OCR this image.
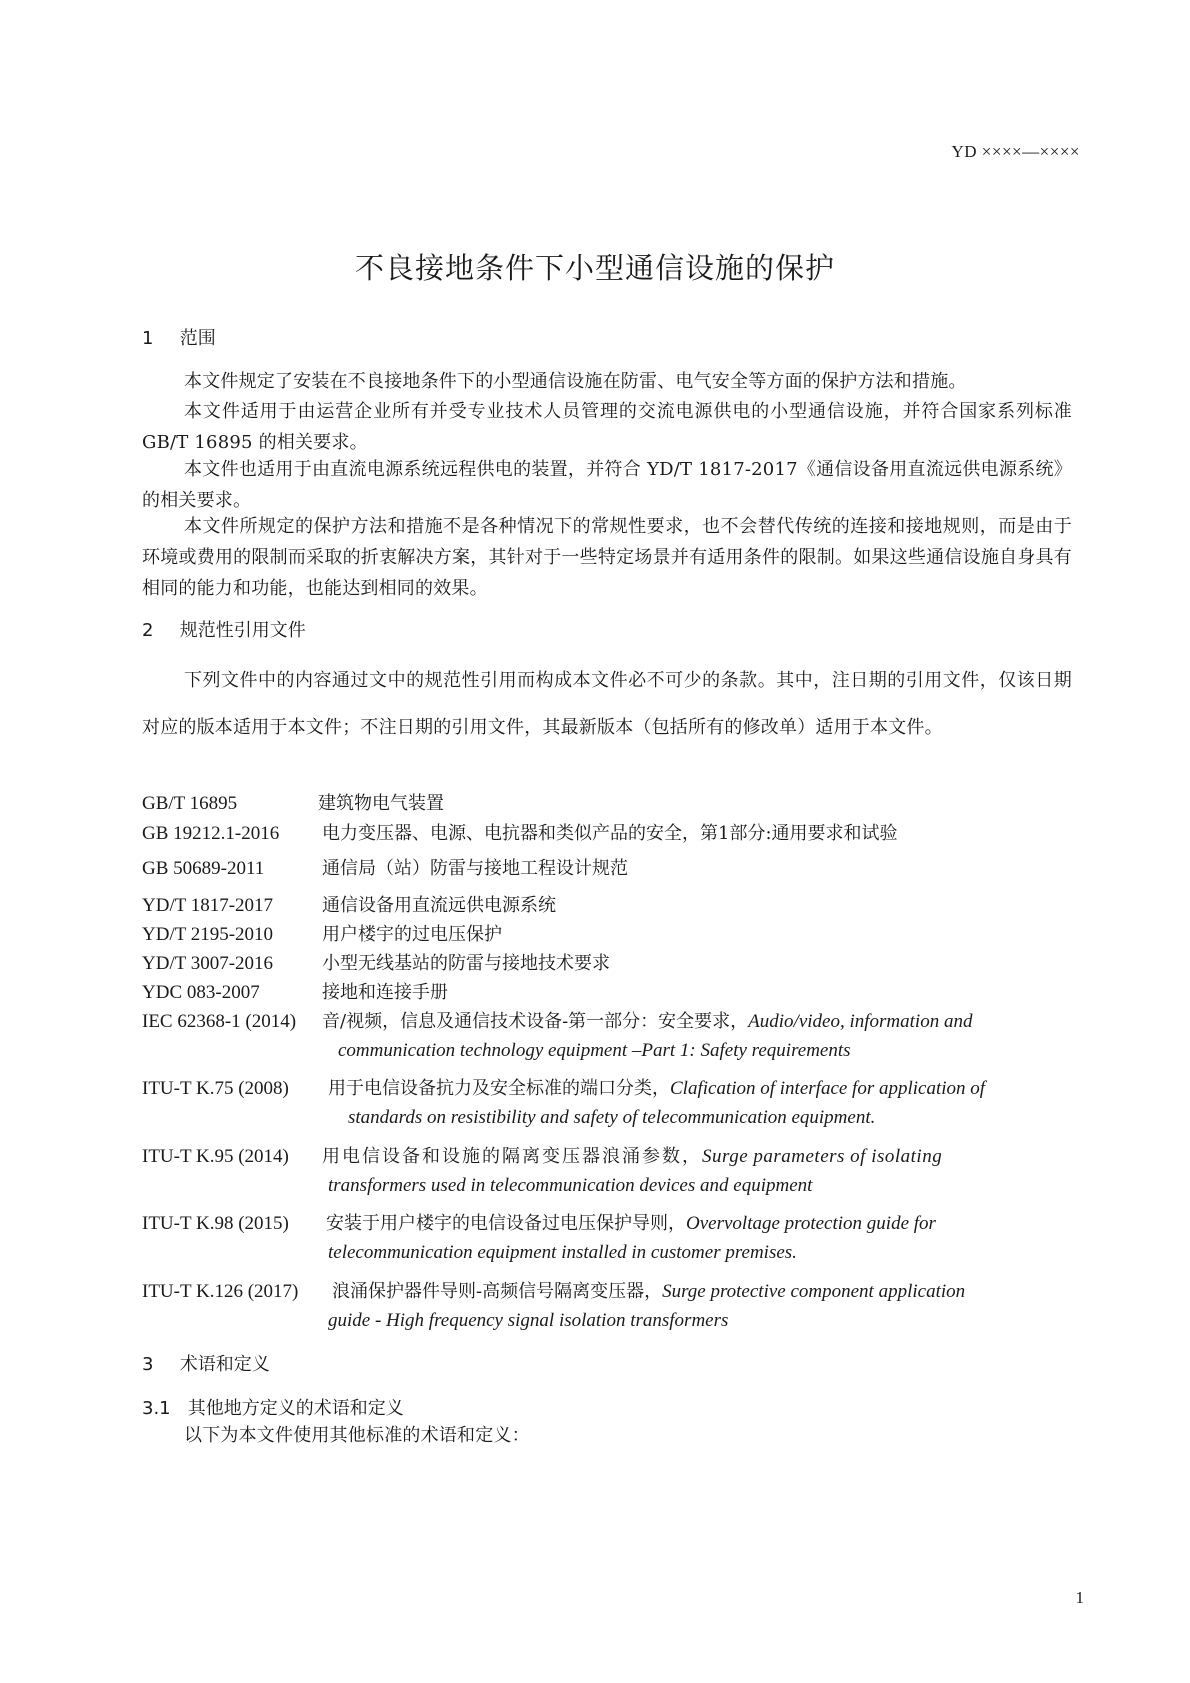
YD ××××—××××
不良接地条件下小型通信设施的保护
1 范围
本文件规定了安装在不良接地条件下的小型通信设施在防雷、电气安全等方面的保护方法和措施。
本文件适用于由运营企业所有并受专业技术人员管理的交流电源供电的小型通信设施，并符合国家系列标准 GB/T 16895 的相关要求。
本文件也适用于由直流电源系统远程供电的装置，并符合 YD/T 1817-2017《通信设备用直流远供电源系统》的相关要求。
本文件所规定的保护方法和措施不是各种情况下的常规性要求，也不会替代传统的连接和接地规则，而是由于环境或费用的限制而采取的折衷解决方案，其针对于一些特定场景并有适用条件的限制。如果这些通信设施自身具有相同的能力和功能，也能达到相同的效果。
2 规范性引用文件
下列文件中的内容通过文中的规范性引用而构成本文件必不可少的条款。其中，注日期的引用文件，仅该日期对应的版本适用于本文件；不注日期的引用文件，其最新版本（包括所有的修改单）适用于本文件。
GB/T 16895	建筑物电气装置
GB 19212.1-2016 电力变压器、电源、电抗器和类似产品的安全，第1部分:通用要求和试验
GB 50689-2011	通信局（站）防雷与接地工程设计规范
YD/T 1817-2017	通信设备用直流远供电源系统
YD/T 2195-2010	用户楼宇的过电压保护
YD/T 3007-2016	小型无线基站的防雷与接地技术要求
YDC 083-2007	接地和连接手册
IEC 62368-1 (2014) 音/视频，信息及通信技术设备-第一部分：安全要求，Audio/video, information and
communication technology equipment –Part 1: Safety requirements
ITU-T K.75 (2008) 用于电信设备抗力及安全标准的端口分类，Clafication of interface for application of
standards on resistibility and safety of telecommunication equipment.
ITU-T K.95 (2014) 用电信设备和设施的隔离变压器浪涌参数，Surge parameters of isolating
transformers used in telecommunication devices and equipment
ITU-T K.98 (2015) 安装于用户楼宇的电信设备过电压保护导则，Overvoltage protection guide for
telecommunication equipment installed in customer premises.
ITU-T K.126 (2017) 浪涌保护器件导则-高频信号隔离变压器，Surge protective component application
guide - High frequency signal isolation transformers
3 术语和定义
3.1 其他地方定义的术语和定义
以下为本文件使用其他标准的术语和定义：
1
